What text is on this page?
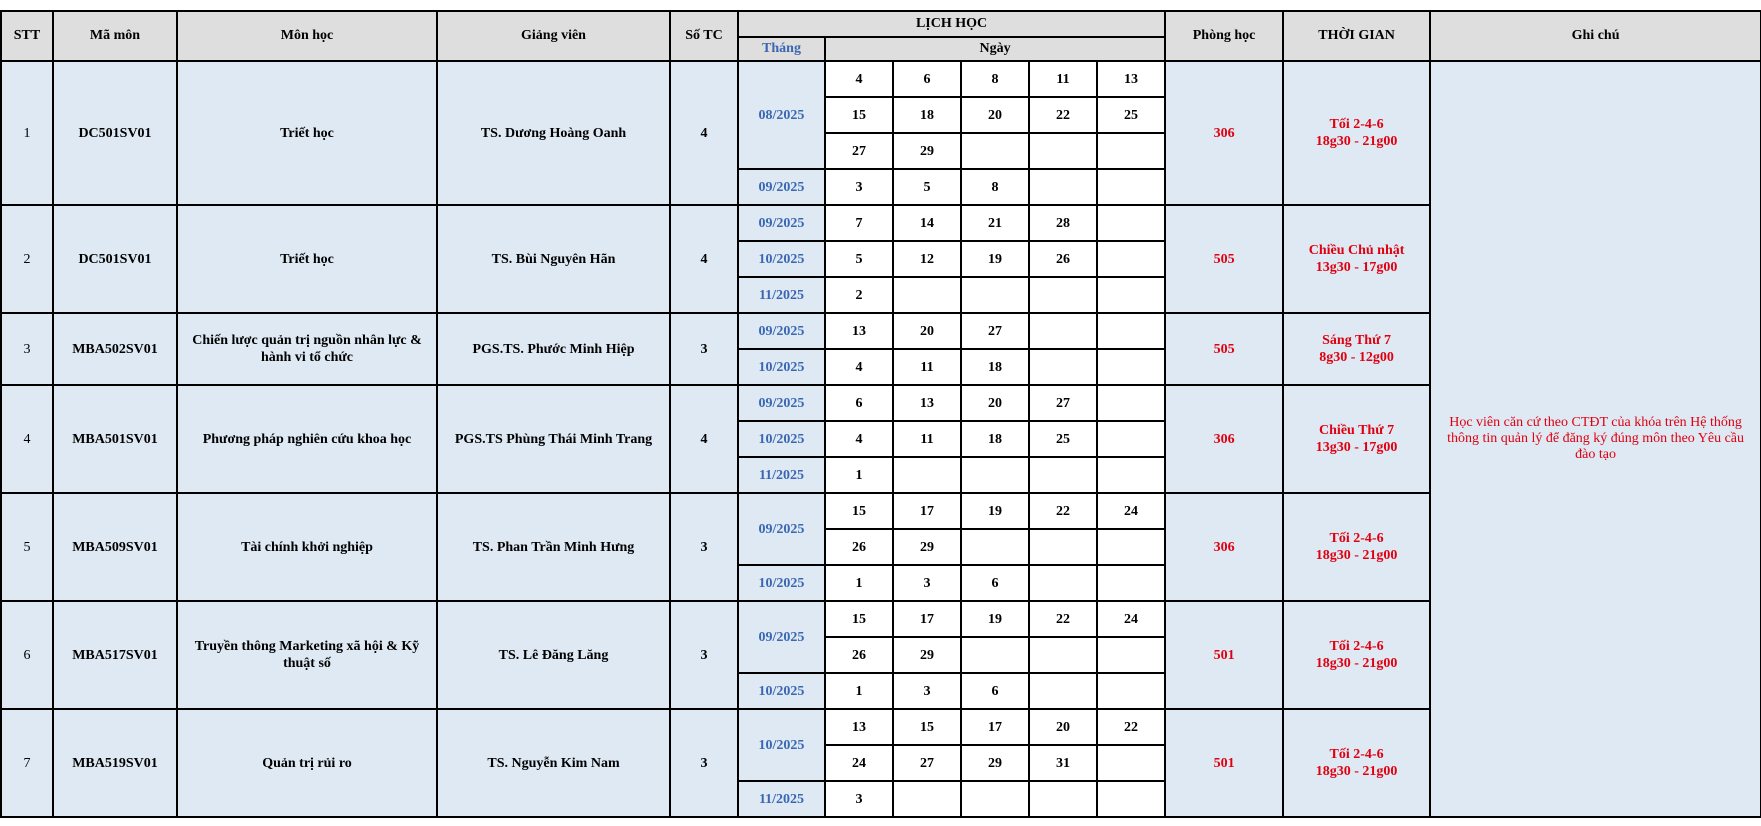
STT	Mã môn	Môn học	Giảng viên	Số TC	LỊCH HỌC						Phòng học	THỜI GIAN	Ghi chú
					Tháng	Ngày							
1	DC501SV01	Triết học	TS. Dương Hoàng Oanh	4	08/2025	4	6	8	11	13	306	Tối 2-4-6
18g30 - 21g00	Học viên căn cứ theo CTĐT của khóa trên Hệ thống thông tin quản lý để đăng ký đúng môn theo Yêu cầu đào tạo
						15	18	20	22	25			
						27	29						
					09/2025	3	5	8					
2	DC501SV01	Triết học	TS. Bùi Nguyên Hãn	4	09/2025	7	14	21	28		505	Chiều Chủ nhật
13g30 - 17g00	

					10/2025	5	12	19	26				
					11/2025	2							
3	MBA502SV01	Chiến lược quản trị nguồn nhân lực & hành vi tổ chức	PGS.TS. Phước Minh Hiệp	3	09/2025	13	20	27			505	Sáng Thứ 7
8g30 - 12g00	

					10/2025	4	11	18					
4	MBA501SV01	Phương pháp nghiên cứu khoa học	PGS.TS Phùng Thái Minh Trang	4	09/2025	6	13	20	27		306	Chiều Thứ 7
13g30 - 17g00	

					10/2025	4	11	18	25				
					11/2025	1							
5	MBA509SV01	Tài chính khởi nghiệp	TS. Phan Trần Minh Hưng	3	09/2025	15	17	19	22	24	306	Tối 2-4-6
18g30 - 21g00	

						26	29						
					10/2025	1	3	6					
6	MBA517SV01	Truyền thông Marketing xã hội & Kỹ thuật số	TS. Lê Đăng Lăng	3	09/2025	15	17	19	22	24	501	Tối 2-4-6
18g30 - 21g00	

						26	29						
					10/2025	1	3	6					
7	MBA519SV01	Quản trị rủi ro	TS. Nguyễn Kim Nam	3	10/2025	13	15	17	20	22	501	Tối 2-4-6
18g30 - 21g00	

						24	27	29	31				
					11/2025	3							
